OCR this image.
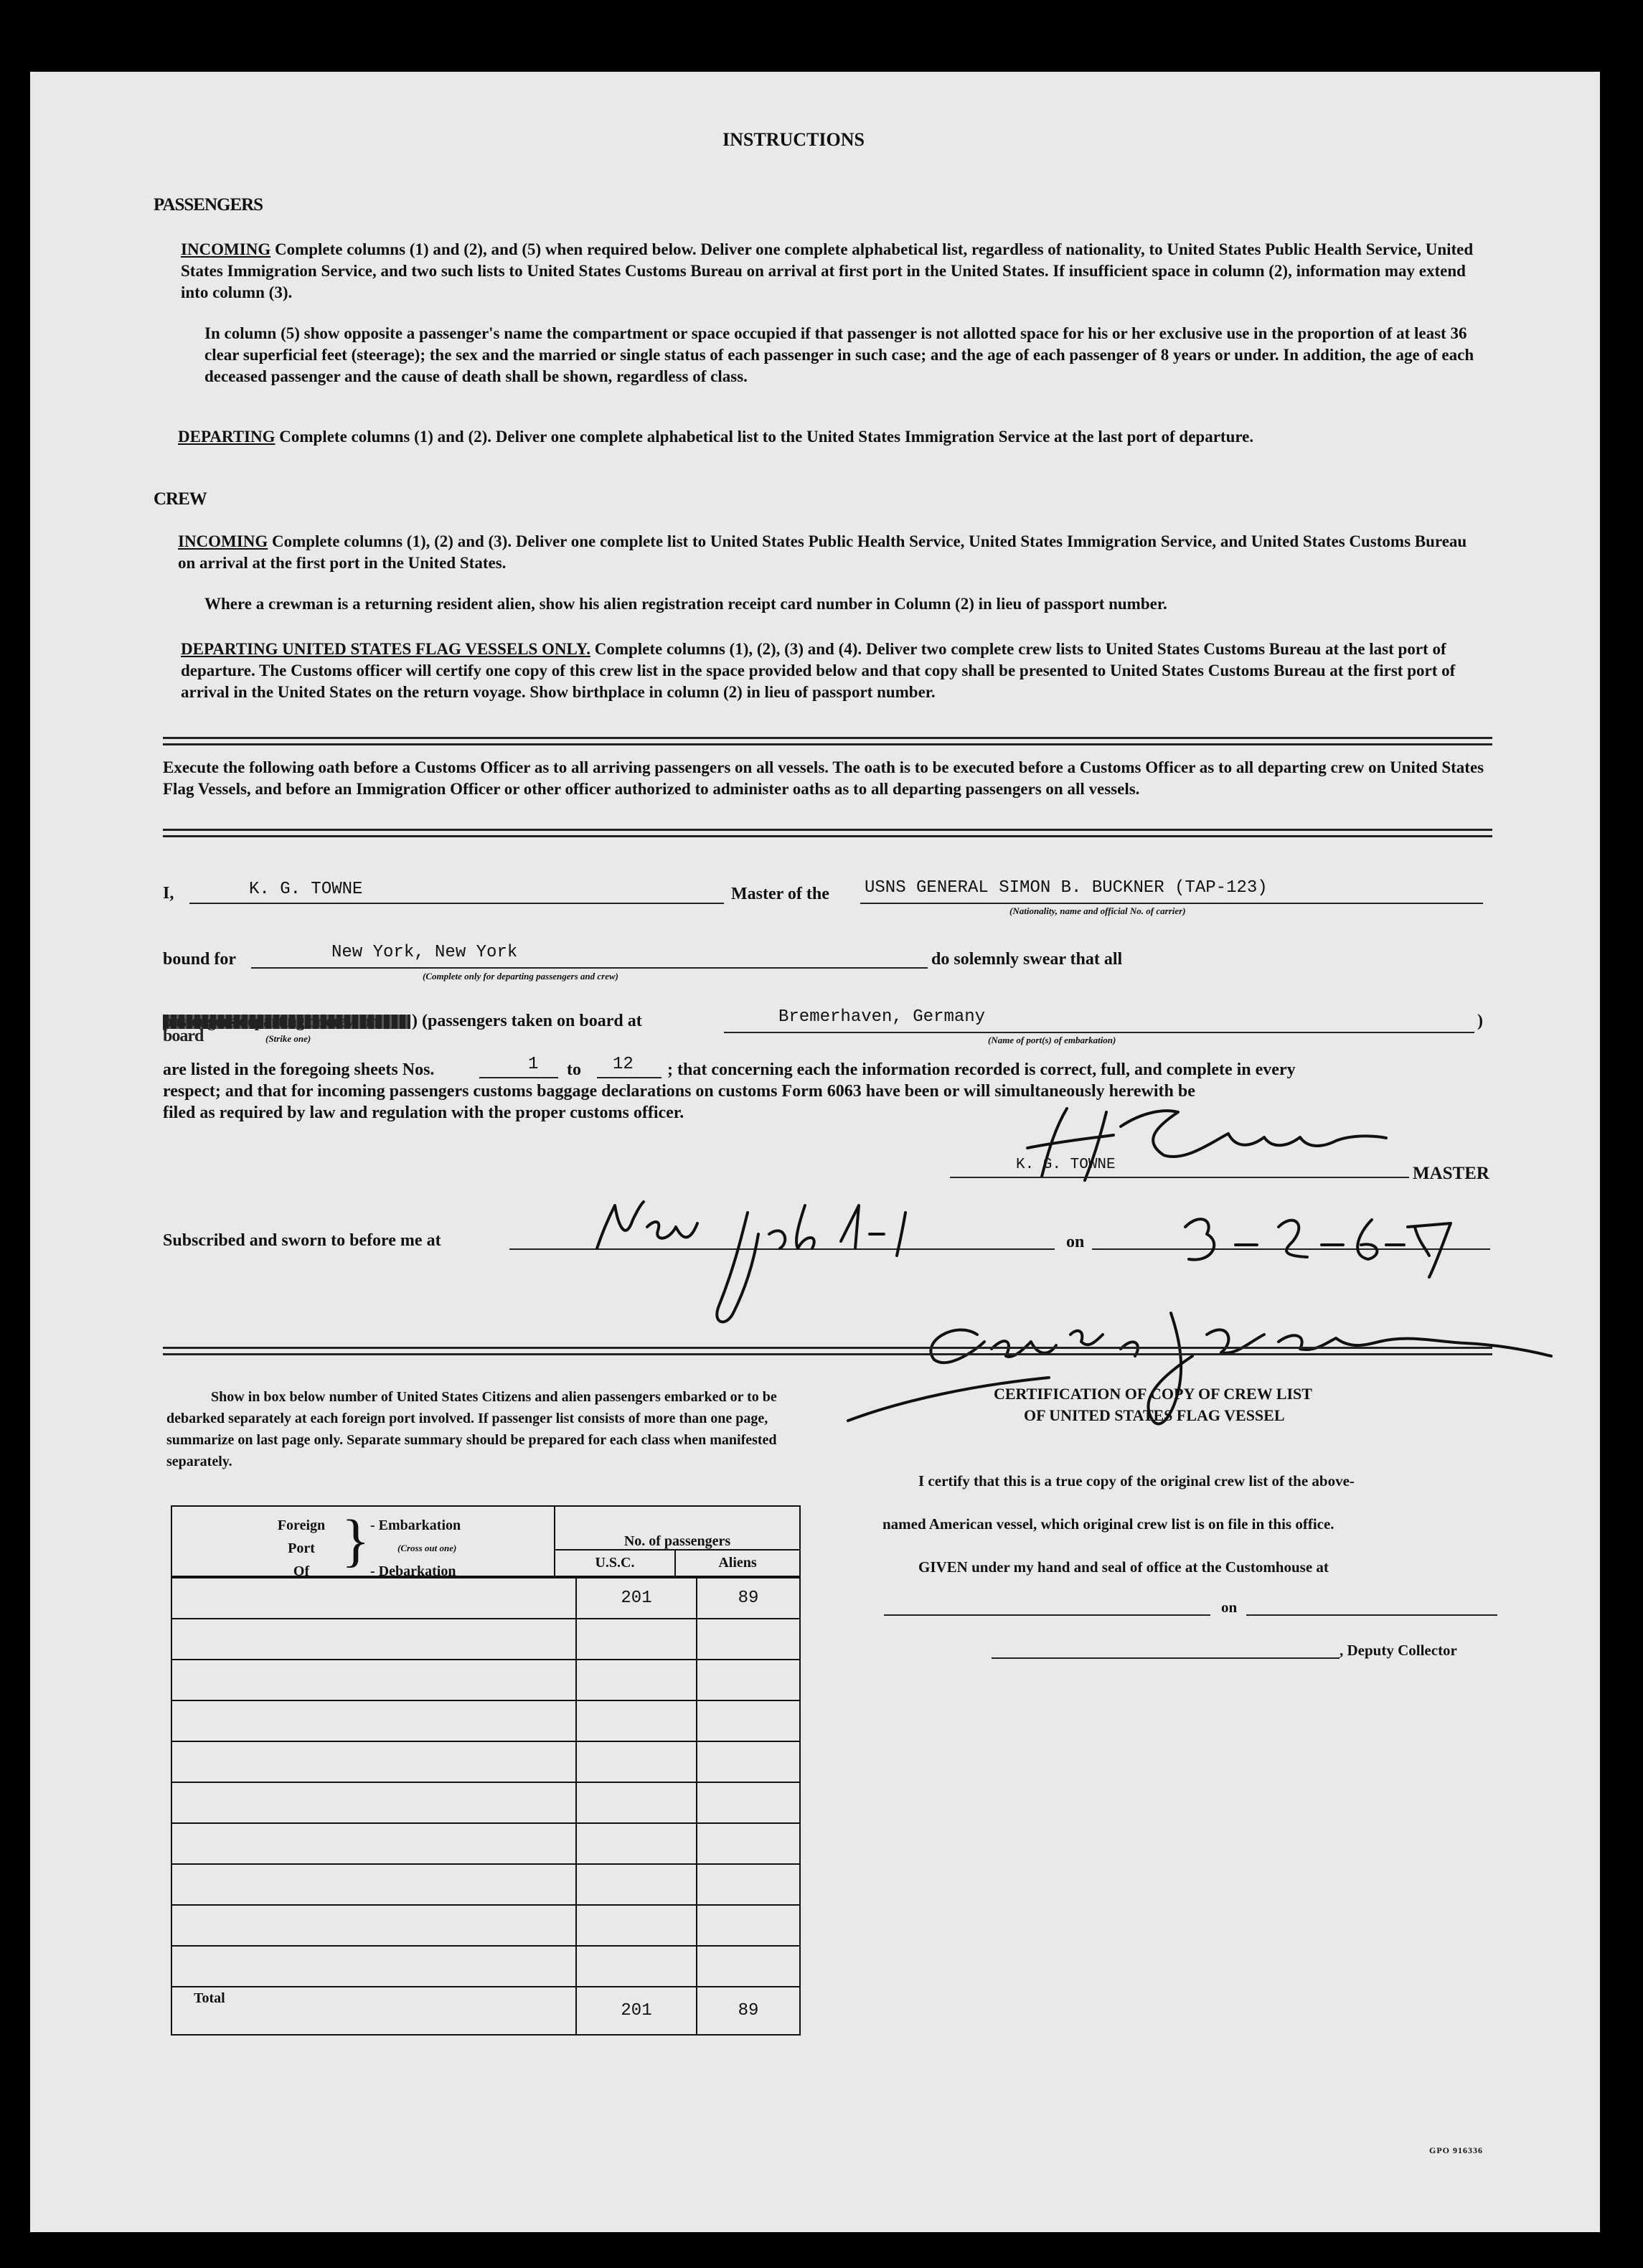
INSTRUCTIONS
PASSENGERS
INCOMING Complete columns (1) and (2), and (5) when required below. Deliver one complete alphabetical list, regardless of nationality, to United States Public Health Service, United States Immigration Service, and two such lists to United States Customs Bureau on arrival at first port in the United States. If insufficient space in column (2), information may extend into column (3).
In column (5) show opposite a passenger's name the compartment or space occupied if that passenger is not allotted space for his or her exclusive use in the proportion of at least 36 clear superficial feet (steerage); the sex and the married or single status of each passenger in such case; and the age of each passenger of 8 years or under. In addition, the age of each deceased passenger and the cause of death shall be shown, regardless of class.
DEPARTING Complete columns (1) and (2). Deliver one complete alphabetical list to the United States Immigration Service at the last port of departure.
CREW
INCOMING Complete columns (1), (2) and (3). Deliver one complete list to United States Public Health Service, United States Immigration Service, and United States Customs Bureau on arrival at the first port in the United States.
Where a crewman is a returning resident alien, show his alien registration receipt card number in Column (2) in lieu of passport number.
DEPARTING UNITED STATES FLAG VESSELS ONLY. Complete columns (1), (2), (3) and (4). Deliver two complete crew lists to United States Customs Bureau at the last port of departure. The Customs officer will certify one copy of this crew list in the space provided below and that copy shall be presented to United States Customs Bureau at the first port of arrival in the United States on the return voyage. Show birthplace in column (2) in lieu of passport number.
Execute the following oath before a Customs Officer as to all arriving passengers on all vessels. The oath is to be executed before a Customs Officer as to all departing crew on United States Flag Vessels, and before an Immigration Officer or other officer authorized to administer oaths as to all departing passengers on all vessels.
I,	K. G. TOWNE	Master of the USNS GENERAL SIMON B. BUCKNER (TAP-123)
(Nationality, name and official No. of carrier)
bound for	New York, New York
(Complete only for departing passengers and crew)
do solemnly swear that all
passengers departing or crew on board	(Strike one)
) (passengers taken on board at	Bremerhaven, Germany
(Name of port(s) of embarkation)
)
are listed in the foregoing sheets Nos.	1 to 12 ; that concerning each the information recorded is correct, full, and complete in every
respect; and that for incoming passengers customs baggage declarations on customs Form 6063 have been or will simultaneously herewith be
filed as required by law and regulation with the proper customs officer.
K. G. TOWNE	MASTER
Subscribed and sworn to before me at	on
Show in box below number of United States Citizens and alien passengers embarked or to be debarked separately at each foreign port involved. If passenger list consists of more than one page, summarize on last page only. Separate summary should be prepared for each class when manifested separately.
Foreign
Port
Of } - Embarkation
(Cross out one)
- Debarkation
	No. of passengers

	U.S.C.	Aliens
	201	89

Total	201	89
CERTIFICATION OF COPY OF CREW LIST
OF UNITED STATES FLAG VESSEL
I certify that this is a true copy of the original crew list of the above-
named American vessel, which original crew list is on file in this office.
GIVEN under my hand and seal of office at the Customhouse at
on
, Deputy Collector
GPO 916336
